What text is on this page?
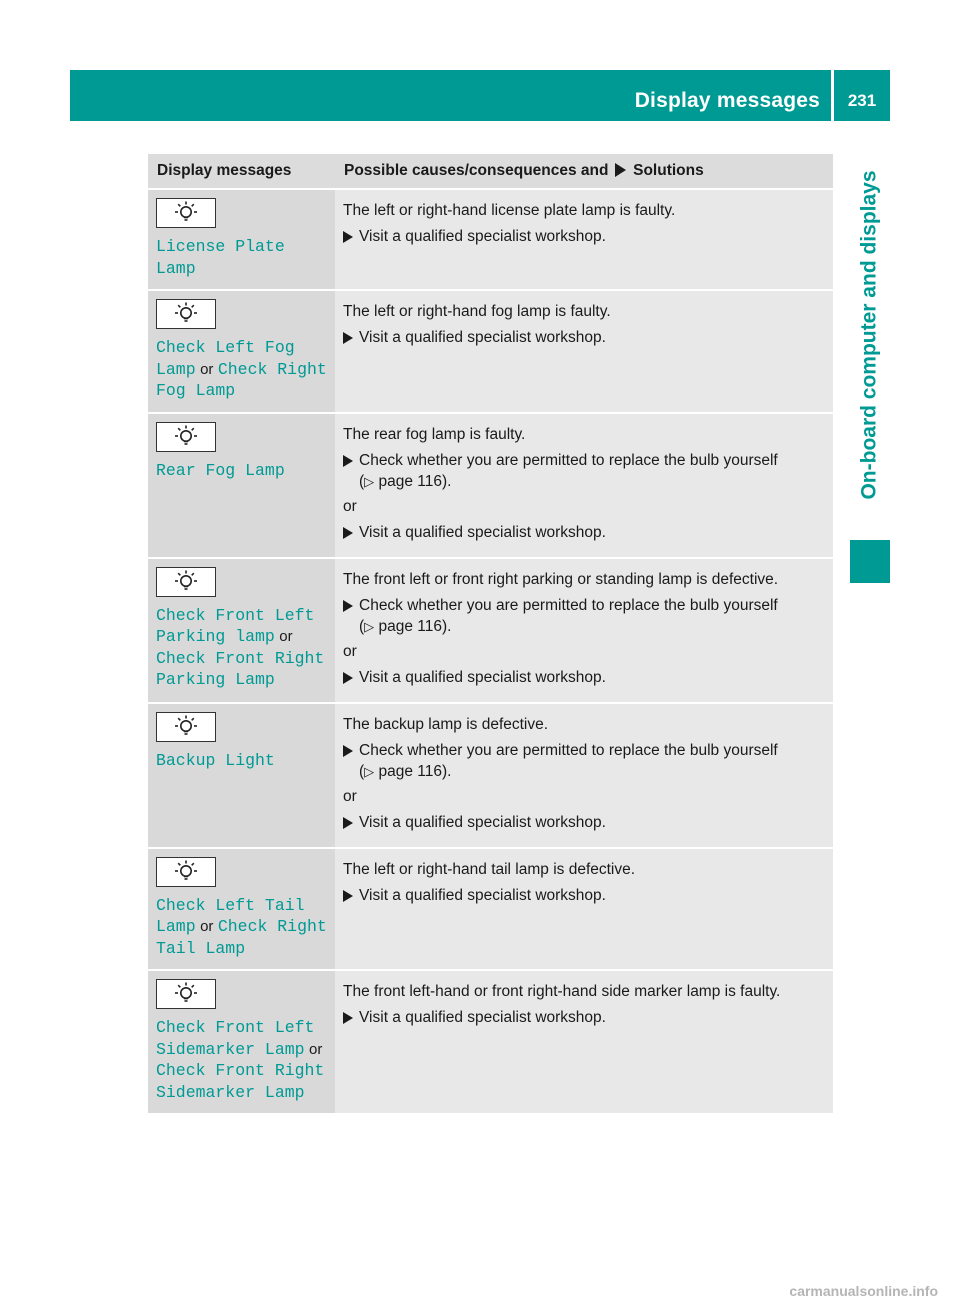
Display messages	231
On-board computer and displays
Display messages	Possible causes/consequences and Solutions

License Plate Lamp	The left or right-hand license plate lamp is faulty.
Visit a qualified specialist workshop.

Check Left Fog Lamp or Check Right Fog Lamp	The left or right-hand fog lamp is faulty.
Visit a qualified specialist workshop.

Rear Fog Lamp	The rear fog lamp is faulty.
Check whether you are permitted to replace the bulb yourself
(▷ page 116).
or
Visit a qualified specialist workshop.

Check Front Left Parking lamp or Check Front Right Parking Lamp	The front left or front right parking or standing lamp is defective.
Check whether you are permitted to replace the bulb yourself
(▷ page 116).
or
Visit a qualified specialist workshop.

Backup Light	The backup lamp is defective.
Check whether you are permitted to replace the bulb yourself
(▷ page 116).
or
Visit a qualified specialist workshop.

Check Left Tail Lamp or Check Right Tail Lamp	The left or right-hand tail lamp is defective.
Visit a qualified specialist workshop.

Check Front Left Sidemarker Lamp or Check Front Right Sidemarker Lamp	The front left-hand or front right-hand side marker lamp is faulty.
Visit a qualified specialist workshop.
carmanualsonline.info
